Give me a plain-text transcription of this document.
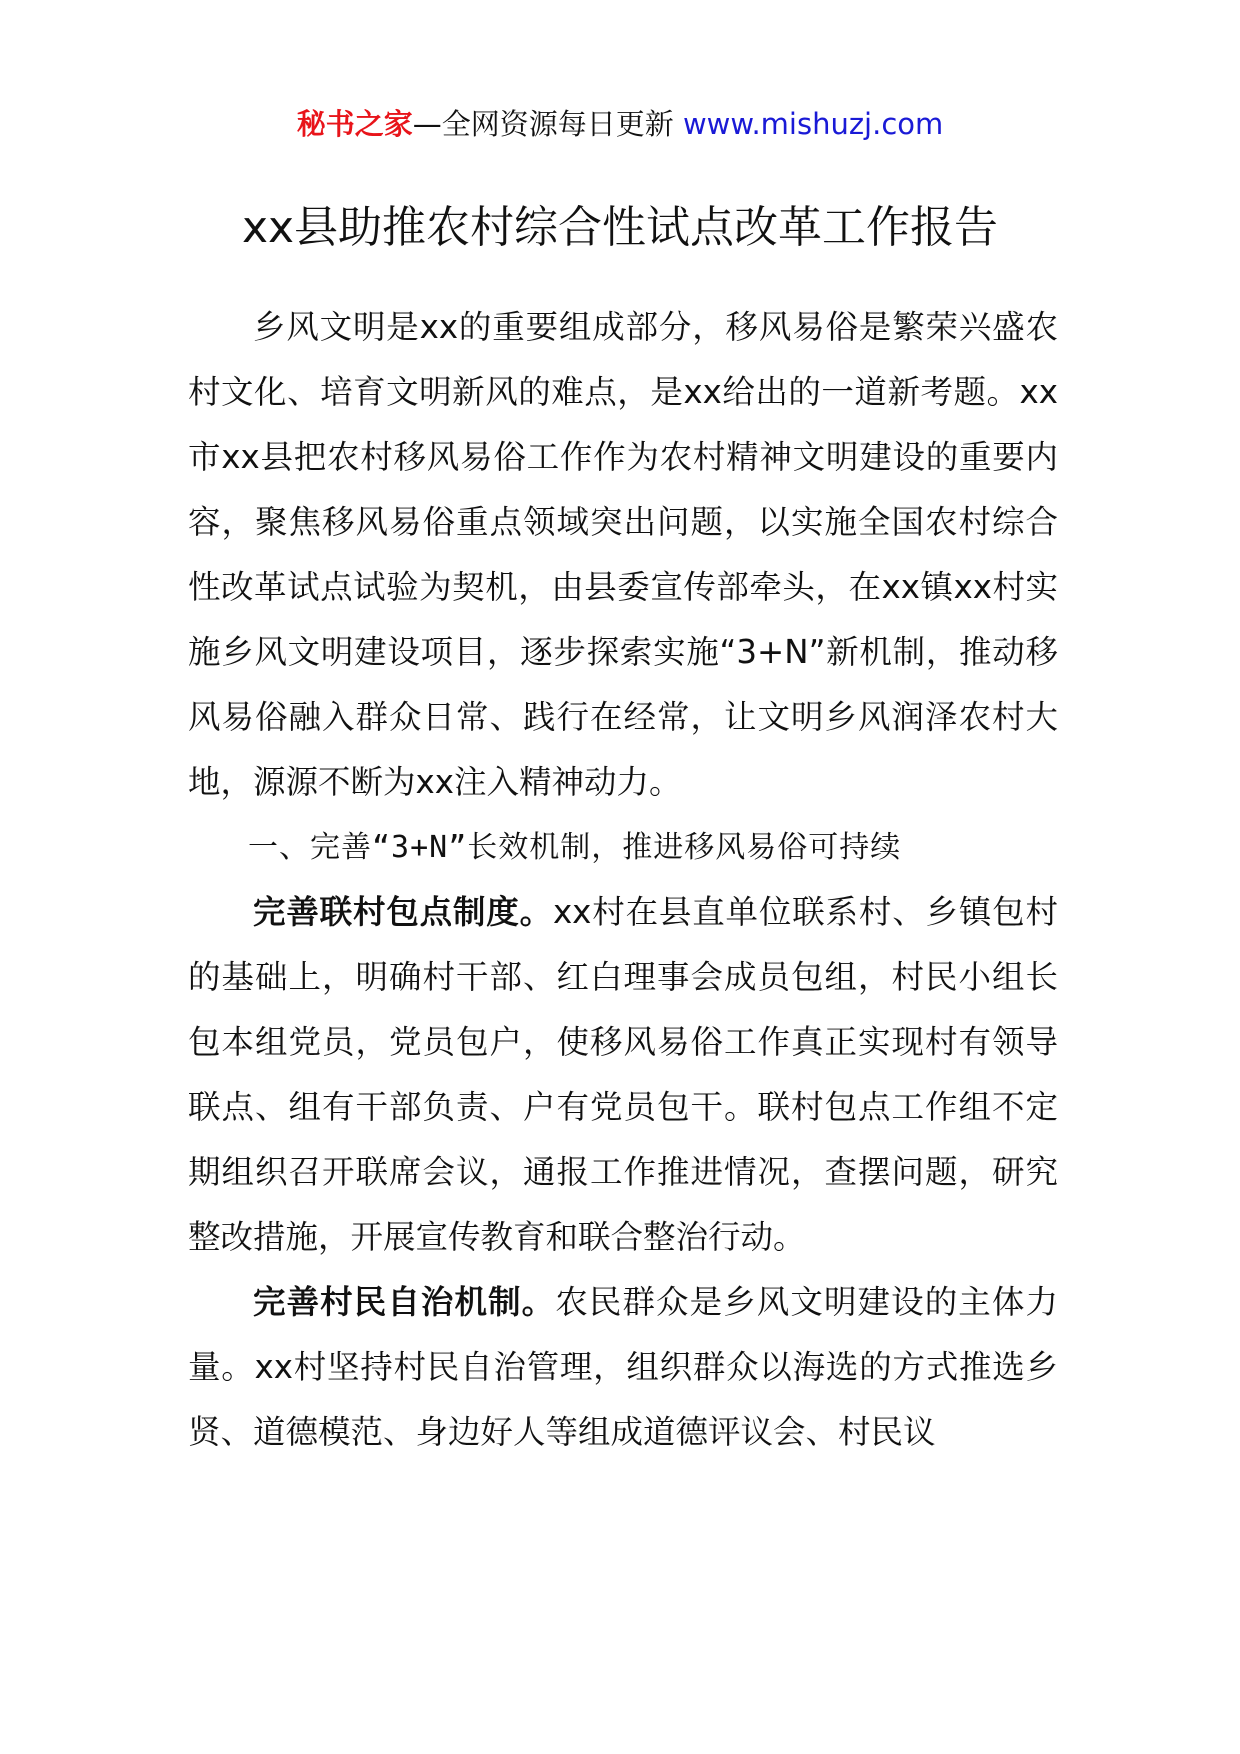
秘书之家—全网资源每日更新 www.mishuzj.com
xx县助推农村综合性试点改革工作报告

乡风文明是xx的重要组成部分，移风易俗是繁荣兴盛农村文化、培育文明新风的难点，是xx给出的一道新考题。xx市xx县把农村移风易俗工作作为农村精神文明建设的重要内容，聚焦移风易俗重点领域突出问题，以实施全国农村综合性改革试点试验为契机，由县委宣传部牵头，在xx镇xx村实施乡风文明建设项目，逐步探索实施“3+N”新机制，推动移风易俗融入群众日常、践行在经常，让文明乡风润泽农村大地，源源不断为xx注入精神动力。

一、完善“3+N”长效机制，推进移风易俗可持续

完善联村包点制度。xx村在县直单位联系村、乡镇包村的基础上，明确村干部、红白理事会成员包组，村民小组长包本组党员，党员包户，使移风易俗工作真正实现村有领导联点、组有干部负责、户有党员包干。联村包点工作组不定期组织召开联席会议，通报工作推进情况，查摆问题，研究整改措施，开展宣传教育和联合整治行动。

完善村民自治机制。农民群众是乡风文明建设的主体力量。xx村坚持村民自治管理，组织群众以海选的方式推选乡贤、道德模范、身边好人等组成道德评议会、村民议
